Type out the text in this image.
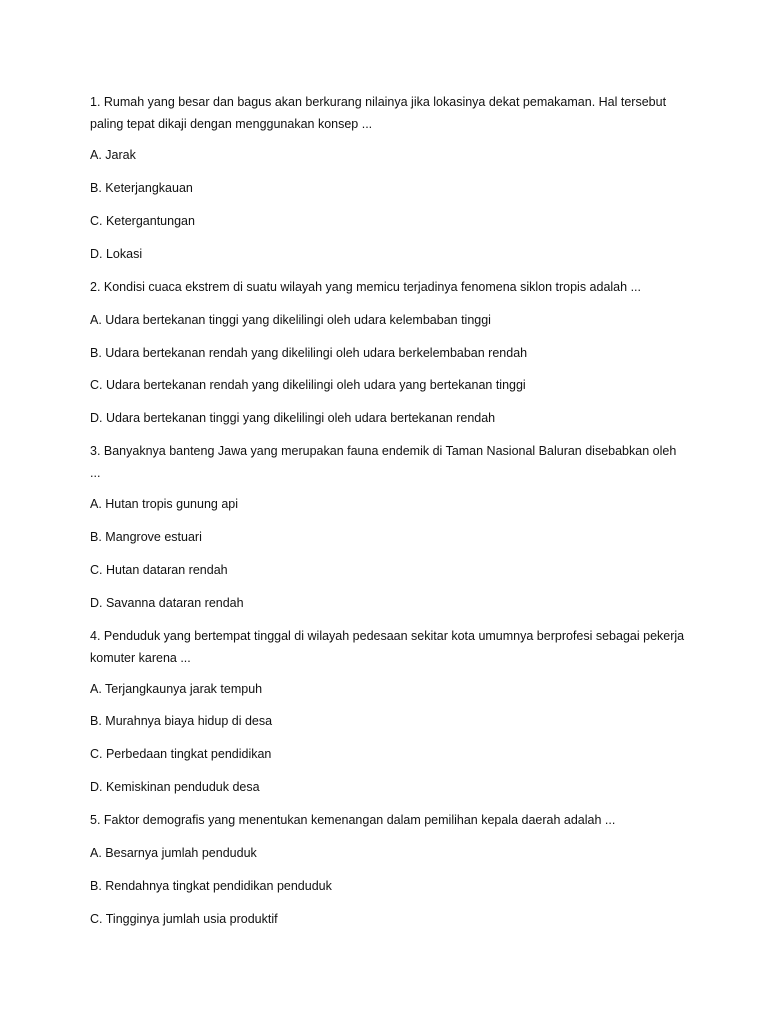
1. Rumah yang besar dan bagus akan berkurang nilainya jika lokasinya dekat pemakaman. Hal tersebut paling tepat dikaji dengan menggunakan konsep ...

A. Jarak

B. Keterjangkauan

C. Ketergantungan

D. Lokasi

2. Kondisi cuaca ekstrem di suatu wilayah yang memicu terjadinya fenomena siklon tropis adalah ...

A. Udara bertekanan tinggi yang dikelilingi oleh udara kelembaban tinggi

B. Udara bertekanan rendah yang dikelilingi oleh udara berkelembaban rendah

C. Udara bertekanan rendah yang dikelilingi oleh udara yang bertekanan tinggi

D. Udara bertekanan tinggi yang dikelilingi oleh udara bertekanan rendah

3. Banyaknya banteng Jawa yang merupakan fauna endemik di Taman Nasional Baluran disebabkan oleh ...

A. Hutan tropis gunung api

B. Mangrove estuari

C. Hutan dataran rendah

D. Savanna dataran rendah

4. Penduduk yang bertempat tinggal di wilayah pedesaan sekitar kota umumnya berprofesi sebagai pekerja komuter karena ...

A. Terjangkaunya jarak tempuh

B. Murahnya biaya hidup di desa

C. Perbedaan tingkat pendidikan

D. Kemiskinan penduduk desa

5. Faktor demografis yang menentukan kemenangan dalam pemilihan kepala daerah adalah ...

A. Besarnya jumlah penduduk

B. Rendahnya tingkat pendidikan penduduk

C. Tingginya jumlah usia produktif
